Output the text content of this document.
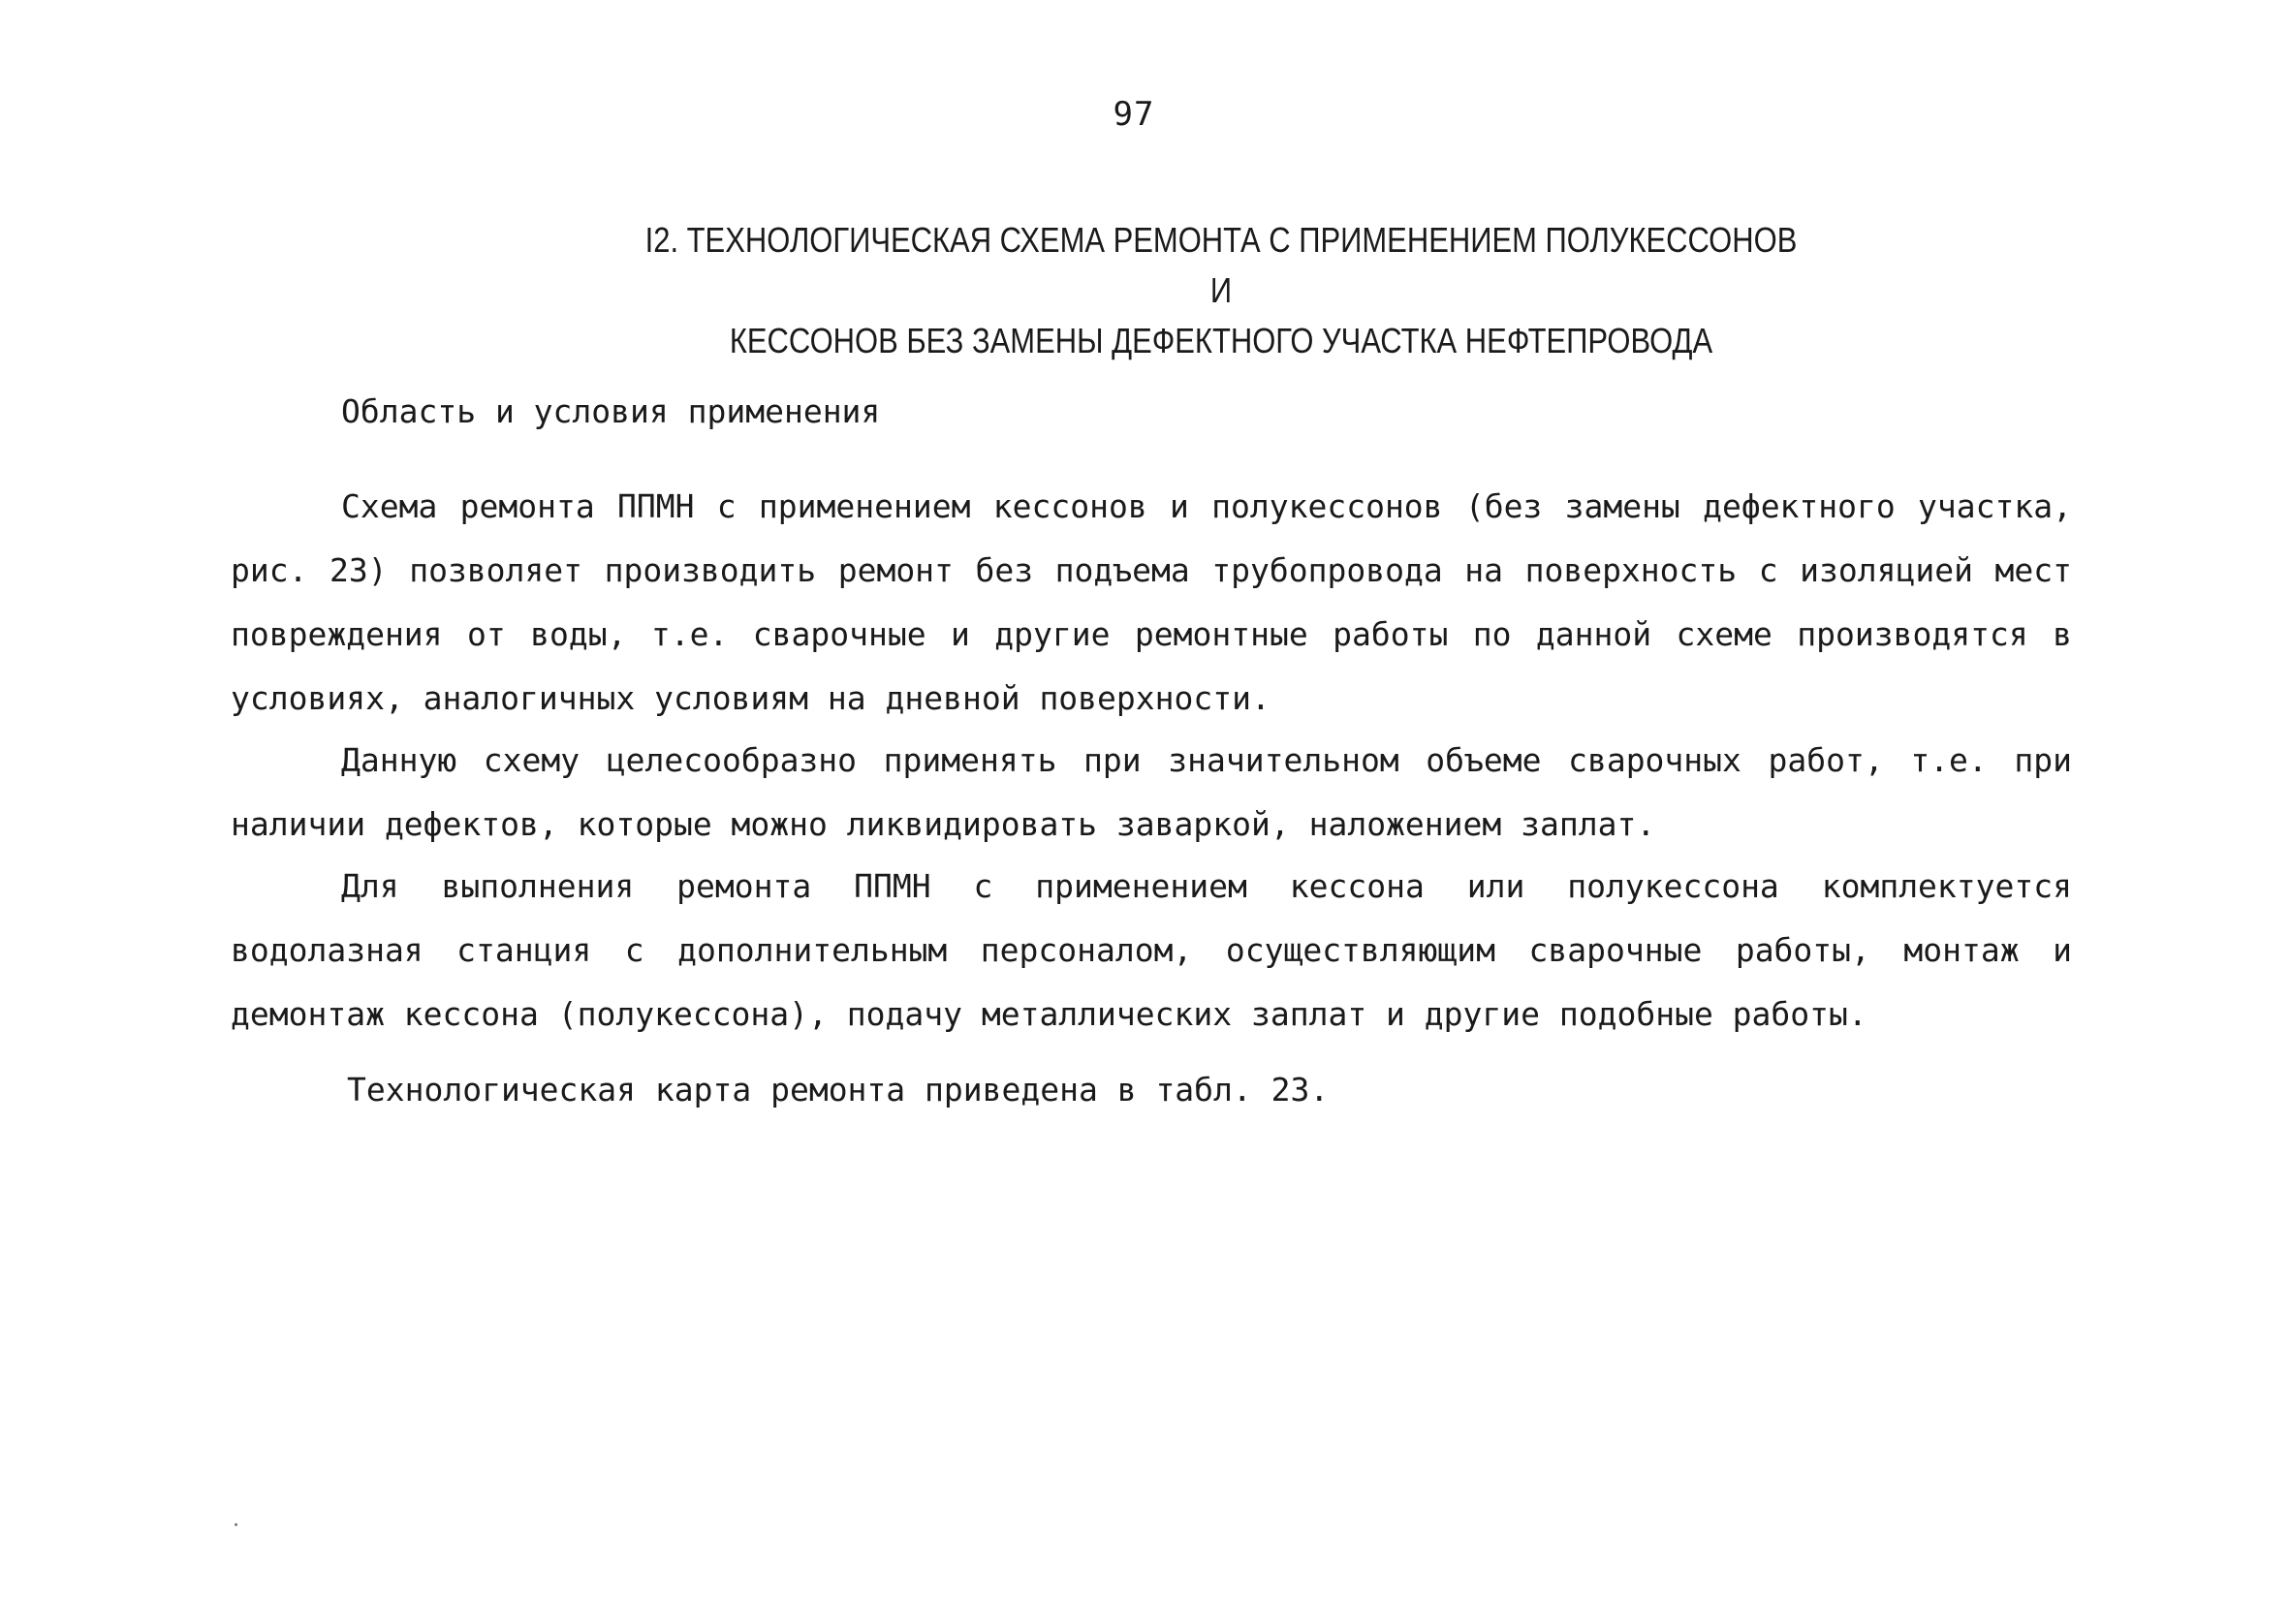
97
I2. ТЕХНОЛОГИЧЕСКАЯ СХЕМА РЕМОНТА С ПРИМЕНЕНИЕМ ПОЛУКЕССОНОВ И
КЕССОНОВ БЕЗ ЗАМЕНЫ ДЕФЕКТНОГО УЧАСТКА НЕФТЕПРОВОДА
Область и условия применения

Схема ремонта ППМН с применением кессонов и полукессонов (без замены дефектного участка, рис. 23) позволяет производить ремонт без подъема трубопровода на поверхность с изоляцией мест повреждения от воды, т.е. сварочные и другие ремонтные работы по данной схеме производятся в условиях, аналогичных условиям на дневной поверхности.

Данную схему целесообразно применять при значительном объеме сварочных работ, т.е. при наличии дефектов, которые можно ликвидировать заваркой, наложением заплат.

Для выполнения ремонта ППМН с применением кессона или полукессона комплектуется водолазная станция с дополнительным персоналом, осуществляющим сварочные работы, монтаж и демонтаж кессона (полукессона), подачу металлических заплат и другие подобные работы.

Технологическая карта ремонта приведена в табл. 23.
